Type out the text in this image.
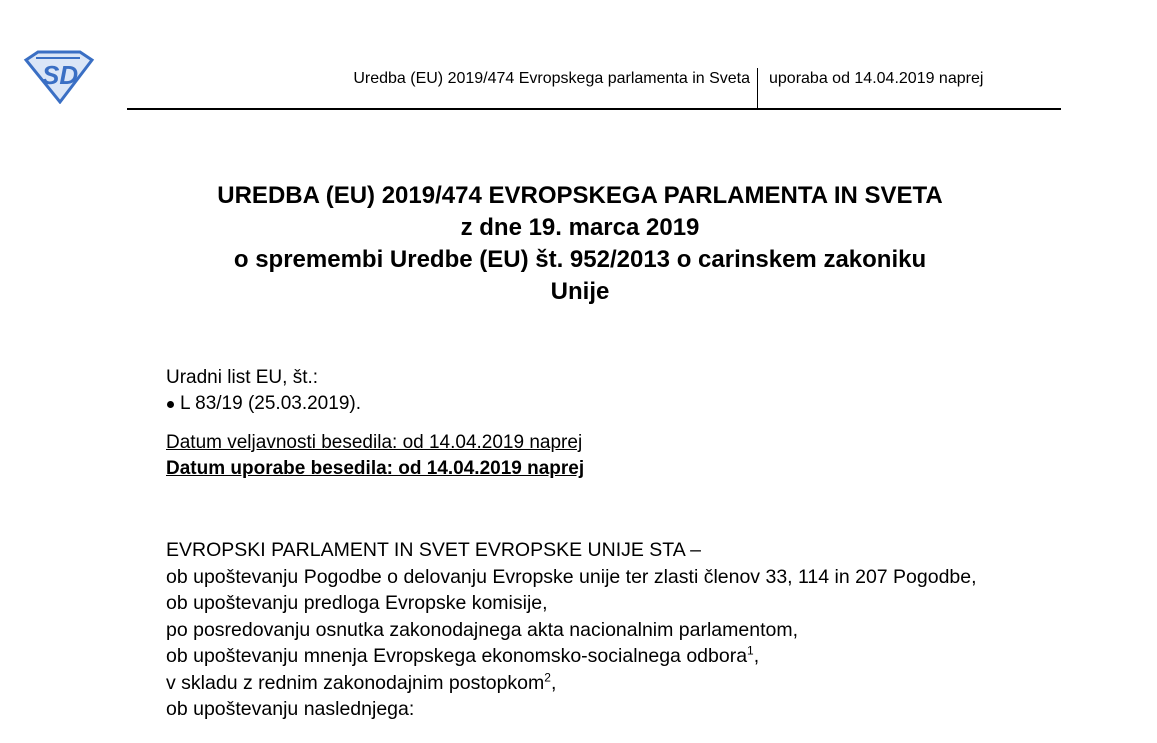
SD	Uredba (EU) 2019/474 Evropskega parlamenta in Sveta uporaba od 14.04.2019 naprej
UREDBA (EU) 2019/474 EVROPSKEGA PARLAMENTA IN SVETA
z dne 19. marca 2019
o spremembi Uredbe (EU) št. 952/2013 o carinskem zakoniku
Unije
Uradni list EU, št.:
L 83/19 (25.03.2019).
Datum veljavnosti besedila: od 14.04.2019 naprej
Datum uporabe besedila: od 14.04.2019 naprej

EVROPSKI PARLAMENT IN SVET EVROPSKE UNIJE STA –

ob upoštevanju Pogodbe o delovanju Evropske unije ter zlasti členov 33, 114 in 207 Pogodbe,

ob upoštevanju predloga Evropske komisije,

po posredovanju osnutka zakonodajnega akta nacionalnim parlamentom,

ob upoštevanju mnenja Evropskega ekonomsko-socialnega odbora$^1$,

v skladu z rednim zakonodajnim postopkom$^2$,

ob upoštevanju naslednjega:
